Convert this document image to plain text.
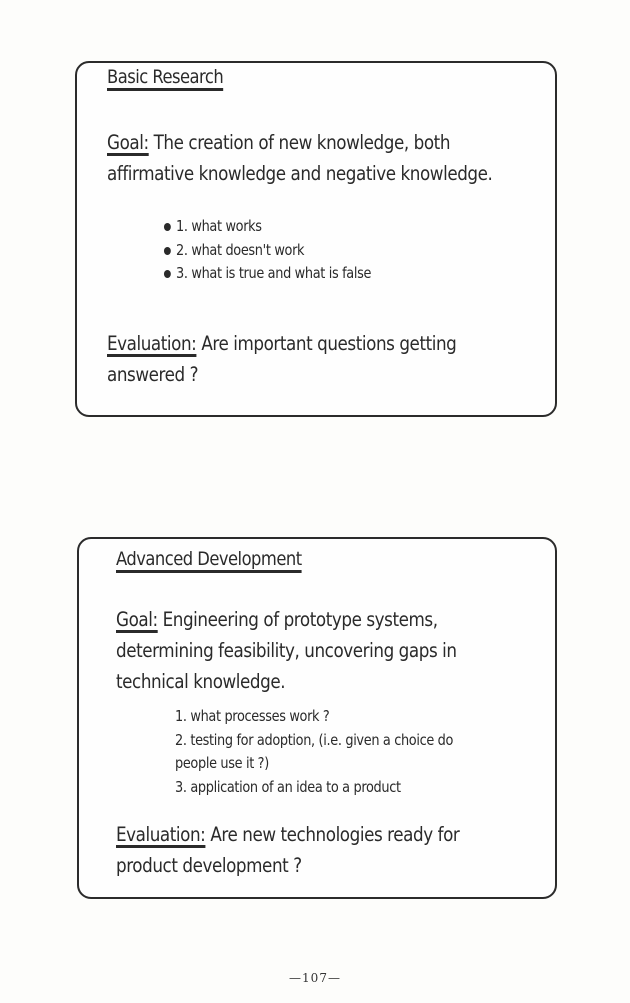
Basic Research
Goal: The creation of new knowledge, both
affirmative knowledge and negative knowledge.
1. what works
2. what doesn't work
3. what is true and what is false
Evaluation: Are important questions getting
answered ?
Advanced Development
Goal: Engineering of prototype systems,
determining feasibility, uncovering gaps in
technical knowledge.
1. what processes work ?
2. testing for adoption, (i.e. given a choice do
people use it ?)
3. application of an idea to a product
Evaluation: Are new technologies ready for
product development ?
—107—
